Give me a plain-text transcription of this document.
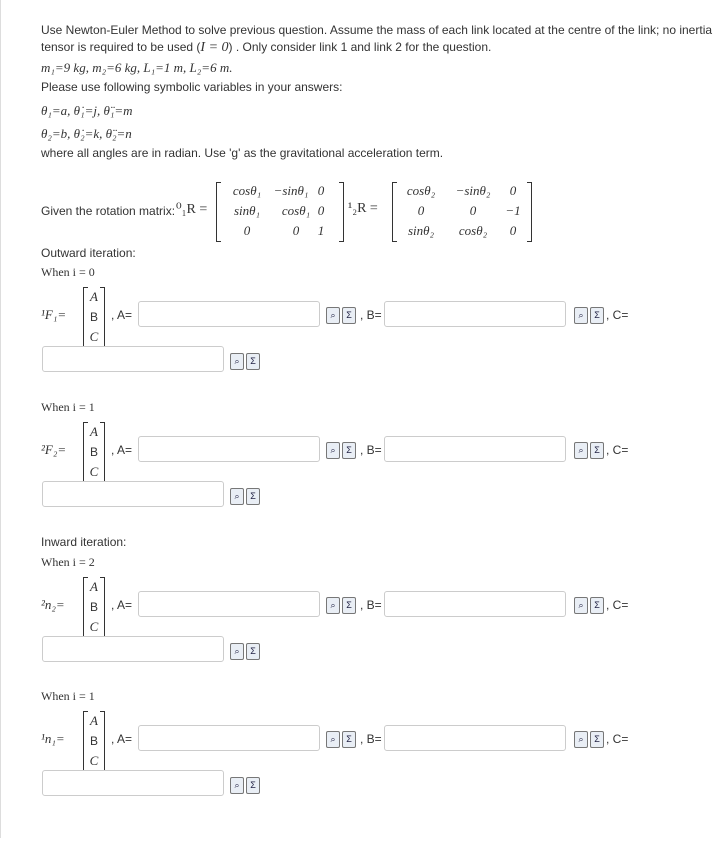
Use Newton-Euler Method to solve previous question. Assume the mass of each link located at the centre of the link; no inertia

tensor is required to be used (I = 0) . Only consider link 1 and link 2 for the question.

m₁=9 kg, m₂=6 kg, L₁=1 m, L₂=6 m.

Please use following symbolic variables in your answers:

θ₁=a, θ̇₁=j, θ̈₁=m

θ₂=b, θ̇₂=k, θ̈₂=n

where all angles are in radian. Use 'g' as the gravitational acceleration term.

Given the rotation matrix: ⁰₁R =
cosθ₁ −sinθ₁ 0
sinθ₁	cosθ₁ 0
0	0	1
¹₂R =
cosθ₂	−sinθ₂	0
0	0	−1
sinθ₂	cosθ₂	0
Outward iteration:
Inward iteration:
When i = 0
¹F₁=
A
B
C
, A=	⌕	Σ , B=	⌕	Σ , C=
⌕	Σ
When i = 1
²F₂=
A
B
C
, A=	⌕	Σ , B=	⌕	Σ , C=
⌕	Σ
When i = 2
²n₂=
A
B
C
, A=	⌕	Σ , B=	⌕	Σ , C=
⌕	Σ
When i = 1
¹n₁=
A
B
C
, A=	⌕	Σ , B=	⌕	Σ , C=
⌕	Σ
